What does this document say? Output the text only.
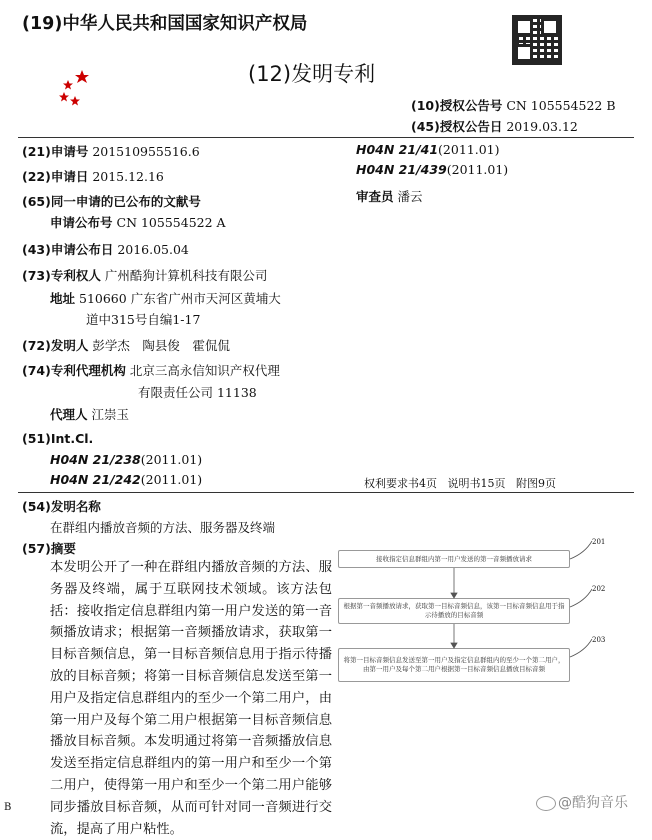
(19)中华人民共和国国家知识产权局
(12)发明专利
(10)授权公告号 CN 105554522 B
(45)授权公告日 2019.03.12
(21)申请号 201510955516.6
(22)申请日 2015.12.16
(65)同一申请的已公布的文献号
申请公布号 CN 105554522 A
(43)申请公布日 2016.05.04
(73)专利权人 广州酷狗计算机科技有限公司
地址 510660 广东省广州市天河区黄埔大
道中315号自编1-17
(72)发明人 彭学杰　陶县俊　霍侃侃
(74)专利代理机构 北京三高永信知识产权代理
有限责任公司 11138
代理人 江崇玉
(51)Int.Cl.
H04N 21/238(2011.01)
H04N 21/242(2011.01)
H04N 21/41(2011.01)
H04N 21/439(2011.01)
审查员 潘云
权利要求书4页 说明书15页 附图9页
(54)发明名称
在群组内播放音频的方法、服务器及终端
(57)摘要

本发明公开了一种在群组内播放音频的方法、服务器及终端，属于互联网技术领域。该方法包括：接收指定信息群组内第一用户发送的第一音频播放请求；根据第一音频播放请求，获取第一目标音频信息，第一目标音频信息用于指示待播放的目标音频；将第一目标音频信息发送至第一用户及指定信息群组内的至少一个第二用户，由第一用户及每个第二用户根据第一目标音频信息播放目标音频。本发明通过将第一音频播放信息发送至指定信息群组内的第一用户和至少一个第二用户，使得第一用户和至少一个第二用户能够同步播放目标音频，从而可针对同一音频进行交流，提高了用户粘性。

接收指定信息群组内第一用户发送的第一音频播放请求
201
根据第一音频播放请求，获取第一目标音频信息，该第一目标音频信息用于指示待播放的目标音频
202
将第一目标音频信息发送至第一用户及指定信息群组内的至少一个第二用户，由第一用户及每个第二用户根据第一目标音频信息播放目标音频
203
B	@酷狗音乐
